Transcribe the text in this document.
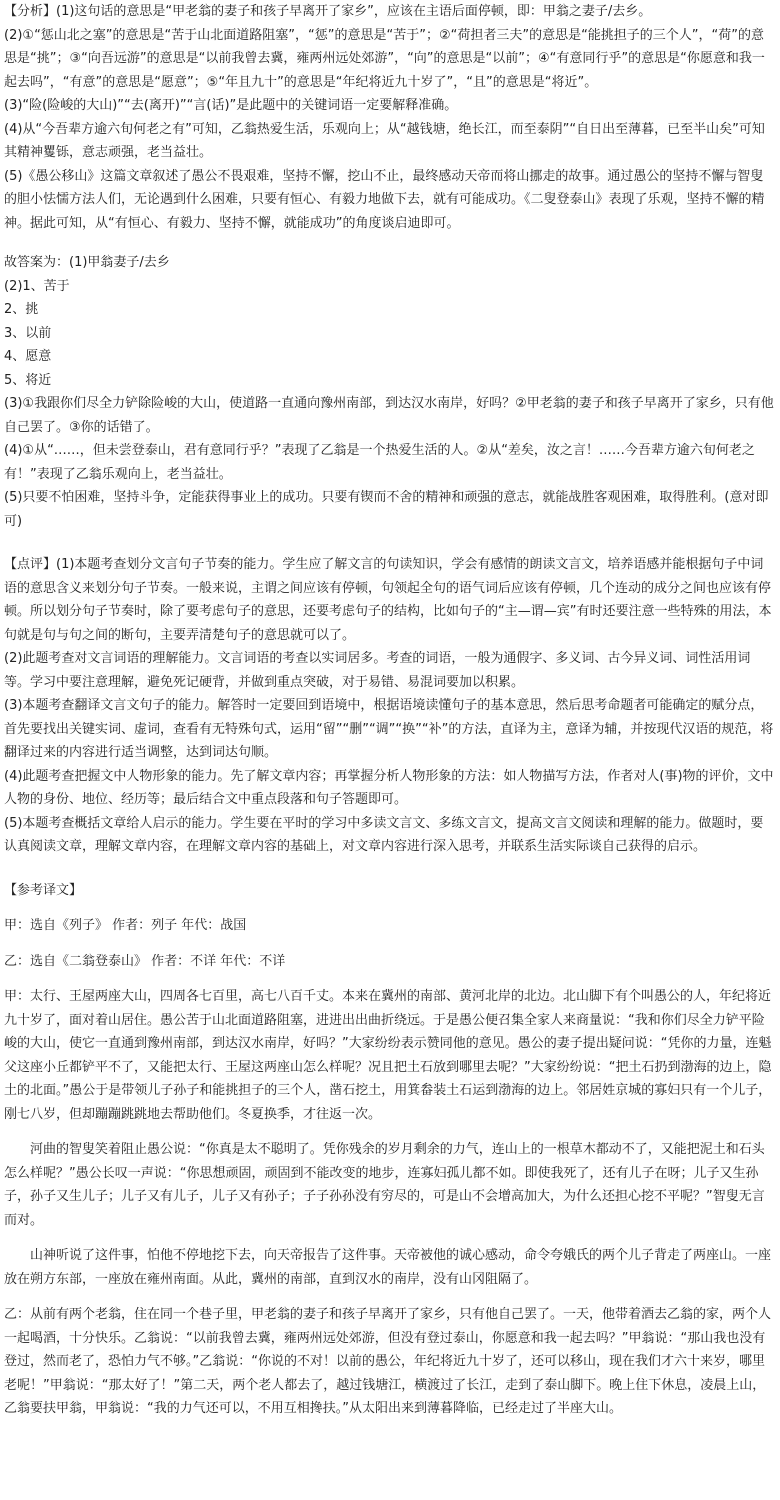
【分析】(1)这句话的意思是“甲老翁的妻子和孩子早离开了家乡”，应该在主语后面停顿，即：甲翁之妻子/去乡。

(2)①“惩山北之塞”的意思是“苦于山北面道路阻塞”，“惩”的意思是“苦于”；②“荷担者三夫”的意思是“能挑担子的三个人”，“荷”的意思是“挑”；③“向吾远游”的意思是“以前我曾去冀，雍两州远处郊游”，“向”的意思是“以前”；④“有意同行乎”的意思是“你愿意和我一起去吗”，“有意”的意思是“愿意”；⑤“年且九十”的意思是“年纪将近九十岁了”，“且”的意思是“将近”。

(3)“险(险峻的大山)”“去(离开)”“言(话)”是此题中的关键词语一定要解释准确。

(4)从“今吾辈方逾六旬何老之有”可知，乙翁热爱生活，乐观向上；从“越钱塘，绝长江，而至泰阴”“自日出至薄暮，已至半山矣”可知其精神矍铄，意志顽强，老当益壮。

(5)《愚公移山》这篇文章叙述了愚公不畏艰难，坚持不懈，挖山不止，最终感动天帝而将山挪走的故事。通过愚公的坚持不懈与智叟的胆小怯懦方法人们，无论遇到什么困难，只要有恒心、有毅力地做下去，就有可能成功。《二叟登泰山》表现了乐观，坚持不懈的精神。据此可知，从“有恒心、有毅力、坚持不懈，就能成功”的角度谈启迪即可。

故答案为：(1)甲翁妻子/去乡

(2)1、苦于

2、挑

3、以前

4、愿意

5、将近

(3)①我跟你们尽全力铲除险峻的大山，使道路一直通向豫州南部，到达汉水南岸，好吗？②甲老翁的妻子和孩子早离开了家乡，只有他自己罢了。③你的话错了。

(4)①从“……，但未尝登泰山，君有意同行乎？”表现了乙翁是一个热爱生活的人。②从“差矣，汝之言！……今吾辈方逾六旬何老之有！”表现了乙翁乐观向上，老当益壮。

(5)只要不怕困难，坚持斗争，定能获得事业上的成功。只要有锲而不舍的精神和顽强的意志，就能战胜客观困难，取得胜利。(意对即可)

【点评】(1)本题考查划分文言句子节奏的能力。学生应了解文言的句读知识，学会有感情的朗读文言文，培养语感并能根据句子中词语的意思含义来划分句子节奏。一般来说，主谓之间应该有停顿，句领起全句的语气词后应该有停顿，几个连动的成分之间也应该有停顿。所以划分句子节奏时，除了要考虑句子的意思，还要考虑句子的结构，比如句子的“主—谓—宾”有时还要注意一些特殊的用法，本句就是句与句之间的断句，主要弄清楚句子的意思就可以了。

(2)此题考查对文言词语的理解能力。文言词语的考查以实词居多。考查的词语，一般为通假字、多义词、古今异义词、词性活用词等。学习中要注意理解，避免死记硬背，并做到重点突破，对于易错、易混词要加以积累。

(3)本题考查翻译文言文句子的能力。解答时一定要回到语境中，根据语境读懂句子的基本意思，然后思考命题者可能确定的赋分点，首先要找出关键实词、虚词，查看有无特殊句式，运用“留”“删”“调”“换”“补”的方法，直译为主，意译为辅，并按现代汉语的规范，将翻译过来的内容进行适当调整，达到词达句顺。

(4)此题考查把握文中人物形象的能力。先了解文章内容；再掌握分析人物形象的方法：如人物描写方法，作者对人(事)物的评价，文中人物的身份、地位、经历等；最后结合文中重点段落和句子答题即可。

(5)本题考查概括文章给人启示的能力。学生要在平时的学习中多读文言文、多练文言文，提高文言文阅读和理解的能力。做题时，要认真阅读文章，理解文章内容，在理解文章内容的基础上，对文章内容进行深入思考，并联系生活实际谈自己获得的启示。

【参考译文】

甲：选自《列子》 作者：列子 年代：战国

乙：选自《二翁登泰山》 作者：不详 年代：不详

甲：太行、王屋两座大山，四周各七百里，高七八百千丈。本来在冀州的南部、黄河北岸的北边。北山脚下有个叫愚公的人，年纪将近九十岁了，面对着山居住。愚公苦于山北面道路阻塞，进进出出曲折绕远。于是愚公便召集全家人来商量说：“我和你们尽全力铲平险峻的大山，使它一直通到豫州南部，到达汉水南岸，好吗？”大家纷纷表示赞同他的意见。愚公的妻子提出疑问说：“凭你的力量，连魁父这座小丘都铲平不了，又能把太行、王屋这两座山怎么样呢？况且把土石放到哪里去呢？”大家纷纷说：“把土石扔到渤海的边上，隐土的北面。”愚公于是带领儿子孙子和能挑担子的三个人，凿石挖土，用箕畚装土石运到渤海的边上。邻居姓京城的寡妇只有一个儿子，刚七八岁，但却蹦蹦跳跳地去帮助他们。冬夏换季，才往返一次。

河曲的智叟笑着阻止愚公说：“你真是太不聪明了。凭你残余的岁月剩余的力气，连山上的一根草木都动不了，又能把泥土和石头怎么样呢？”愚公长叹一声说：“你思想顽固，顽固到不能改变的地步，连寡妇孤儿都不如。即使我死了，还有儿子在呀；儿子又生孙子，孙子又生儿子；儿子又有儿子，儿子又有孙子；子子孙孙没有穷尽的，可是山不会增高加大，为什么还担心挖不平呢？”智叟无言而对。

山神听说了这件事，怕他不停地挖下去，向天帝报告了这件事。天帝被他的诚心感动，命令夸娥氏的两个儿子背走了两座山。一座放在朔方东部，一座放在雍州南面。从此，冀州的南部，直到汉水的南岸，没有山冈阻隔了。

乙：从前有两个老翁，住在同一个巷子里，甲老翁的妻子和孩子早离开了家乡，只有他自己罢了。一天，他带着酒去乙翁的家，两个人一起喝酒，十分快乐。乙翁说：“以前我曾去冀，雍两州远处郊游，但没有登过泰山，你愿意和我一起去吗？”甲翁说：“那山我也没有登过，然而老了，恐怕力气不够。”乙翁说：“你说的不对！以前的愚公，年纪将近九十岁了，还可以移山，现在我们才六十来岁，哪里老呢！”甲翁说：“那太好了！”第二天，两个老人都去了，越过钱塘江，横渡过了长江，走到了泰山脚下。晚上住下休息，凌晨上山，乙翁要扶甲翁，甲翁说：“我的力气还可以，不用互相搀扶。”从太阳出来到薄暮降临，已经走过了半座大山。
